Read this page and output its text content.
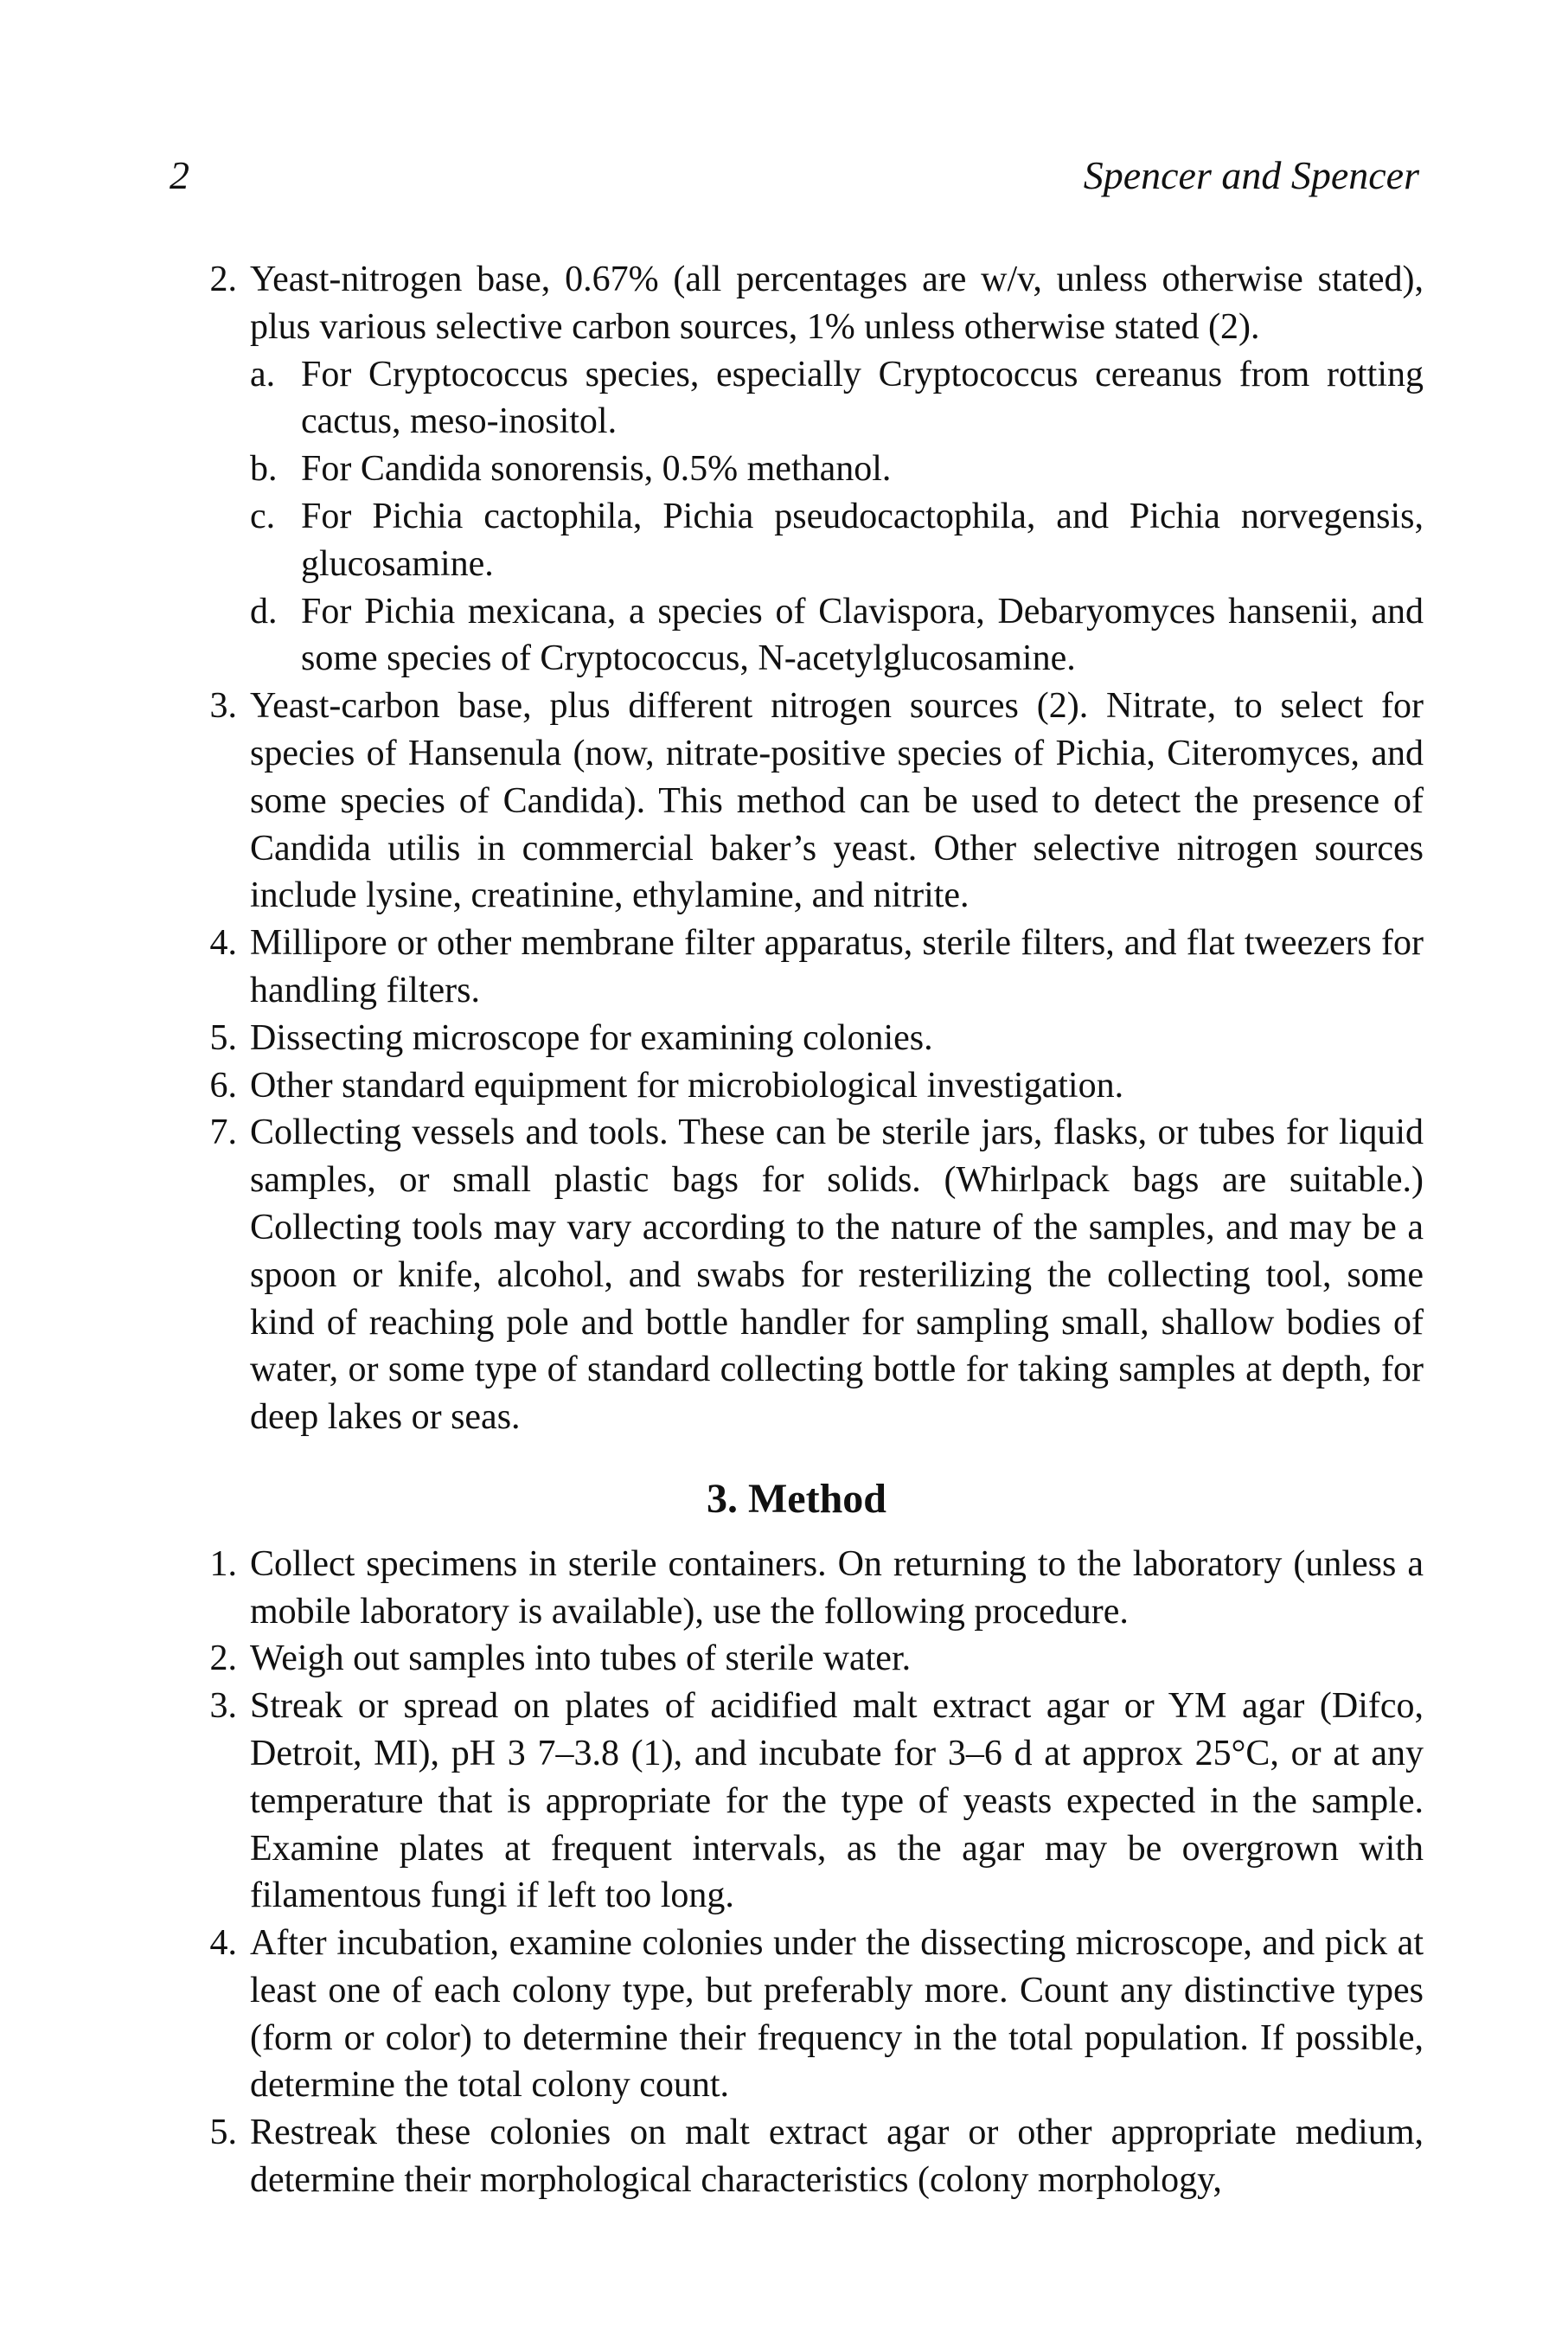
2	Spencer and Spencer
2. Yeast-nitrogen base, 0.67% (all percentages are w/v, unless otherwise stated), plus various selective carbon sources, 1% unless otherwise stated (2).
a. For Cryptococcus species, especially Cryptococcus cereanus from rotting cactus, meso-inositol.
b. For Candida sonorensis, 0.5% methanol.
c. For Pichia cactophila, Pichia pseudocactophila, and Pichia norvegensis, glucosamine.
d. For Pichia mexicana, a species of Clavispora, Debaryomyces hansenii, and some species of Cryptococcus, N-acetylglucosamine.
3. Yeast-carbon base, plus different nitrogen sources (2). Nitrate, to select for species of Hansenula (now, nitrate-positive species of Pichia, Citeromyces, and some species of Candida). This method can be used to detect the presence of Candida utilis in commercial baker’s yeast. Other selective nitrogen sources include lysine, creatinine, ethylamine, and nitrite.
4. Millipore or other membrane filter apparatus, sterile filters, and flat tweezers for handling filters.
5. Dissecting microscope for examining colonies.
6. Other standard equipment for microbiological investigation.
7. Collecting vessels and tools. These can be sterile jars, flasks, or tubes for liquid samples, or small plastic bags for solids. (Whirlpack bags are suitable.) Collecting tools may vary according to the nature of the samples, and may be a spoon or knife, alcohol, and swabs for resterilizing the collecting tool, some kind of reaching pole and bottle handler for sampling small, shallow bodies of water, or some type of standard collecting bottle for taking samples at depth, for deep lakes or seas.
3. Method
1. Collect specimens in sterile containers. On returning to the laboratory (unless a mobile laboratory is available), use the following procedure.
2. Weigh out samples into tubes of sterile water.
3. Streak or spread on plates of acidified malt extract agar or YM agar (Difco, Detroit, MI), pH 3 7–3.8 (1), and incubate for 3–6 d at approx 25°C, or at any temperature that is appropriate for the type of yeasts expected in the sample. Examine plates at frequent intervals, as the agar may be overgrown with filamentous fungi if left too long.
4. After incubation, examine colonies under the dissecting microscope, and pick at least one of each colony type, but preferably more. Count any distinctive types (form or color) to determine their frequency in the total population. If possible, determine the total colony count.
5. Restreak these colonies on malt extract agar or other appropriate medium, determine their morphological characteristics (colony morphology,
